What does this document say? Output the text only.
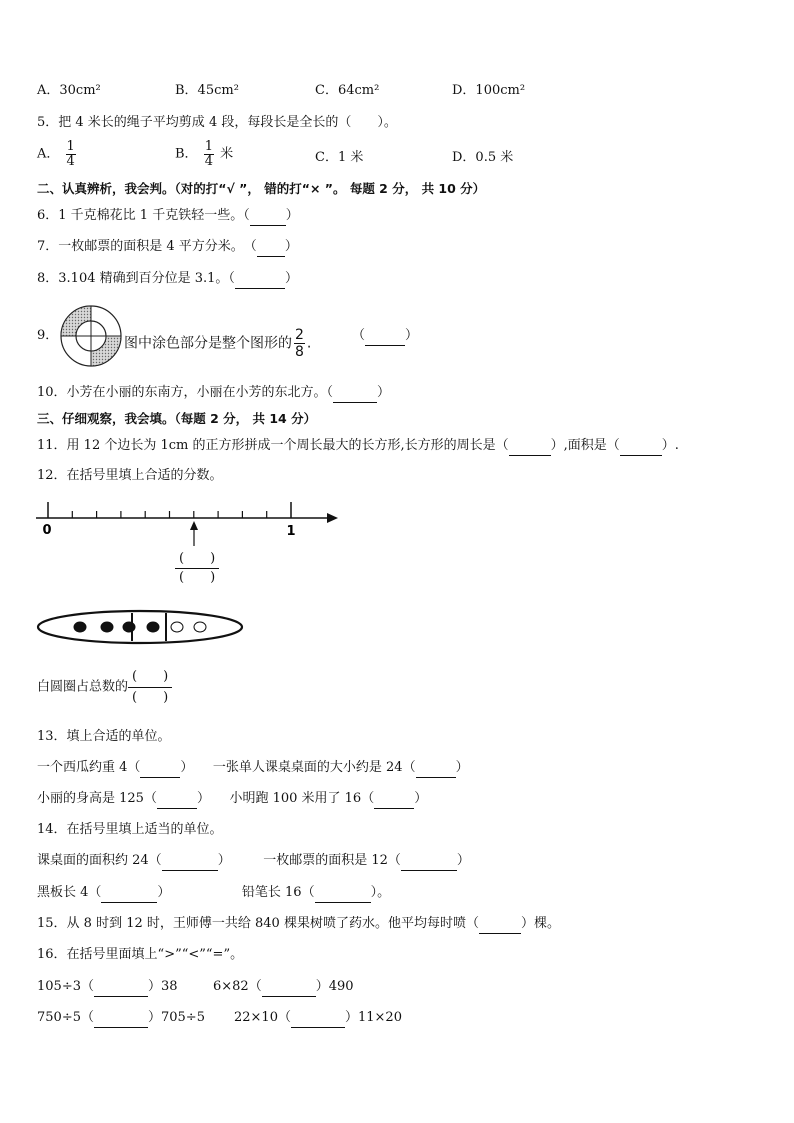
A．30cm²	B．45cm²	C．64cm²	D．100cm²
5．把 4 米长的绳子平均剪成 4 段，每段长是全长的（　　）。
A． $\frac{1}{4}$	B． $\frac{1}{4}$ 米	C．1 米	D．0.5 米
二、认真辨析，我会判。（对的打“√ ”， 错的打“× ”。 每题 2 分， 共 10 分）
6．1 千克棉花比 1 千克铁轻一些。（	）
7．一枚邮票的面积是 4 平方分米。　（ ）
8．3.104 精确到百分位是 3.1。（	）
9．	图中涂色部分是整个图形的 $\frac{2}{8}$ .	（	）
10．小芳在小丽的东南方，小丽在小芳的东北方。（	）
三、仔细观察，我会填。（每题 2 分， 共 14 分）
11．用 12 个边长为 1cm 的正方形拼成一个周长最大的长方形,长方形的周长是（	）,面积是（	）.
12．在括号里填上合适的分数。
0	1
(　　)
(　　)
白圆圈占总数的 $\frac{( )}{( )}$
13．填上合适的单位。
一个西瓜约重 4（	）　　一张单人课桌桌面的大小约是 24（	）
小丽的身高是 125（	）　　小明跑 100 米用了 16（	）
14．在括号里填上适当的单位。
课桌面的面积约 24（	）　　　一枚邮票的面积是 12（	）
黑板长 4（	）　　　　　　铅笔长 16（	）。
15．从 8 时到 12 时，王师傅一共给 840 棵果树喷了药水。他平均每时喷（	）棵。
16．在括号里面填上“>”“<”“=”。
105÷3（	）38	6×82（	）490
750÷5（	）705÷5 22×10（	）11×20
